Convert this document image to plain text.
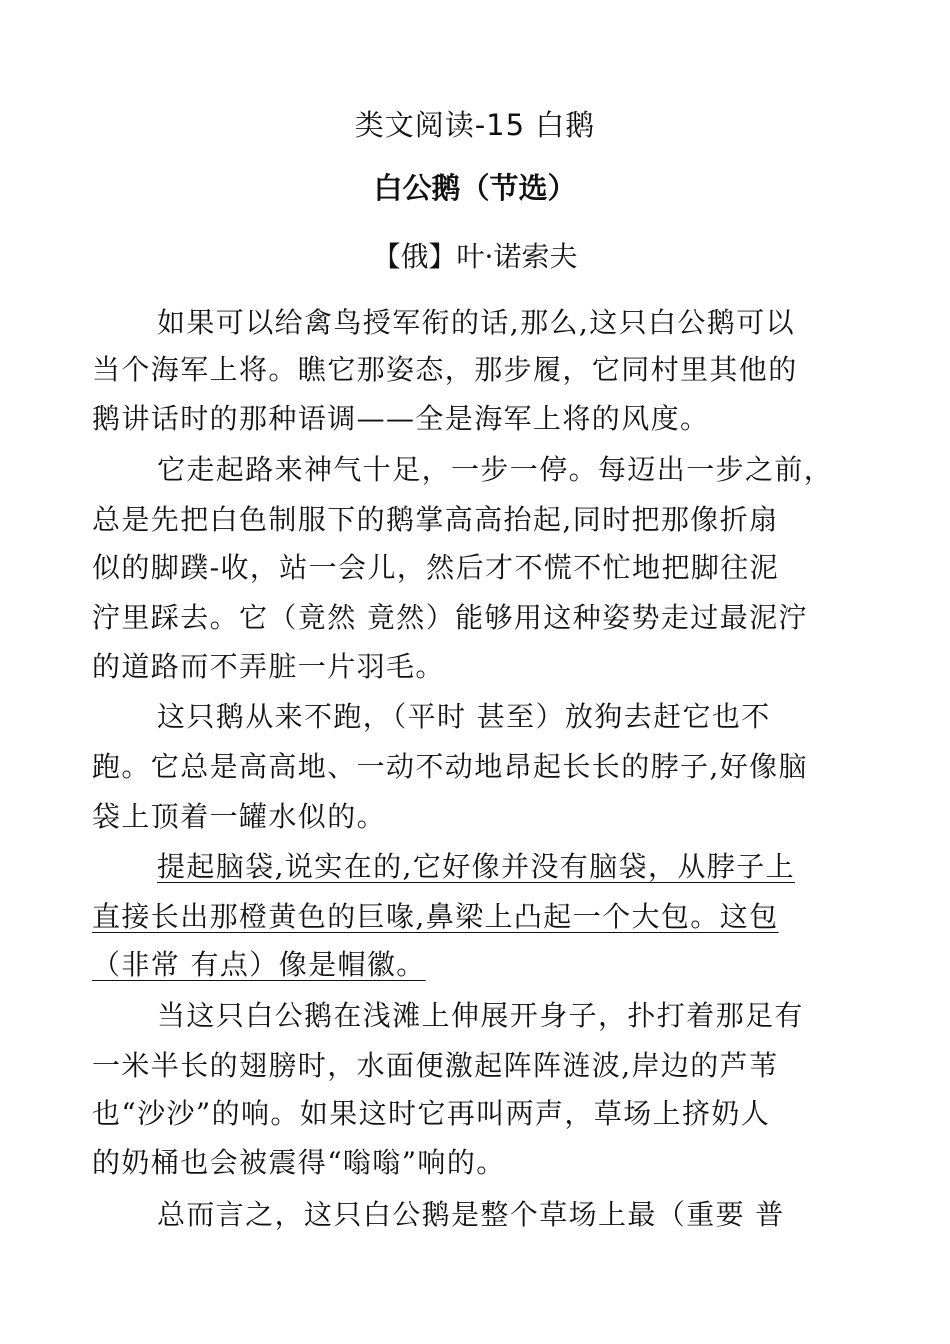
类文阅读-15 白鹅
白公鹅（节选）
【俄】叶·诺索夫
如果可以给禽鸟授军衔的话,那么,这只白公鹅可以
当个海军上将。瞧它那姿态，那步履，它同村里其他的
鹅讲话时的那种语调——全是海军上将的风度。
它走起路来神气十足，一步一停。每迈出一步之前，
总是先把白色制服下的鹅掌高高抬起,同时把那像折扇
似的脚蹼-收，站一会儿，然后才不慌不忙地把脚往泥
泞里踩去。它（竟然 竟然）能够用这种姿势走过最泥泞
的道路而不弄脏一片羽毛。
这只鹅从来不跑，（平时 甚至）放狗去赶它也不
跑。它总是高高地、一动不动地昂起长长的脖子,好像脑
袋上顶着一罐水似的。
提起脑袋,说实在的,它好像并没有脑袋，从脖子上
直接长出那橙黄色的巨喙,鼻梁上凸起一个大包。这包
（非常 有点）像是帽徽。
当这只白公鹅在浅滩上伸展开身子，扑打着那足有
一米半长的翅膀时，水面便激起阵阵涟波,岸边的芦苇
也“沙沙”的响。如果这时它再叫两声，草场上挤奶人
的奶桶也会被震得“嗡嗡”响的。
总而言之，这只白公鹅是整个草场上最（重要 普
